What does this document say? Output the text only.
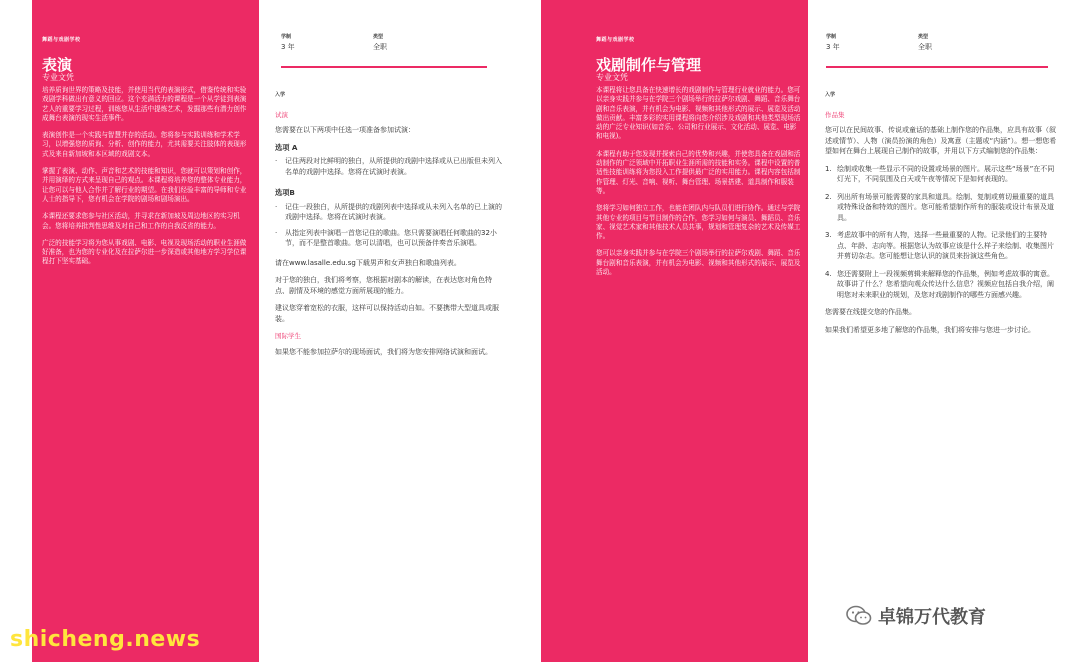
舞蹈与戏剧学校
表演
专业文凭

培养质询世界的策略及技能，并使用当代的表演形式，借鉴传统和实验戏剧学科做出有意义的回应。这个充满活力的课程是一个从学徒到表演艺人的重要学习过程，训练您从生活中提炼艺术，发掘那些有潜力创作成舞台表演的现实生活事件。

表演创作是一个实践与智慧并存的活动。您将参与实践训练和学术学习，以增强您的质询、分析、创作的能力，尤其需要关注肢体的表现形式及来自新加坡和本区域的戏剧文本。

掌握了表演、动作、声音和艺术的技能和知识，您就可以策划和创作，并用演绎的方式来呈现自己的观点。本课程将培养您的整体专业能力，让您可以与他人合作并了解行业的期望。在我们经验丰富的导师和专业人士的指导下，您有机会在学院的剧场和剧场演出。

本课程还要求您参与社区活动，并寻求在新加坡及周边地区的实习机会。您将培养批判性思维及对自己和工作的自我反省的能力。

广泛的技能学习将为您从事戏剧、电影、电视及现场活动的职业生涯做好准备，也为您的专业化及在拉萨尔进一步深造或其他地方学习学位课程打下坚实基础。

学制
3 年
类型
全职
入学
试演

您需要在以下两项中任选一项准备参加试演：

选项 A
·	记住两段对比鲜明的独白，从所提供的戏剧中选择或从已出版但未列入名单的戏剧中选择。您将在试演时表演。
选项B
·	记住一段独白，从所提供的戏剧列表中选择或从未列入名单的已上演的戏剧中选择。您将在试演时表演。
·	从指定列表中演唱一首您记住的歌曲。您只需要演唱任何歌曲的32小节，而不是整首歌曲。您可以清唱，也可以预备伴奏音乐演唱。

请在www.lasalle.edu.sg下载男声和女声独白和歌曲列表。

对于您的独白，我们将考察，您根据对剧本的解读，在表达您对角色特点、剧情及环境的感觉方面所展现的能力。

建议您穿着宽松的衣服，这样可以保持活动自如。不要携带大型道具或服装。

国际学生

如果您不能参加拉萨尔的现场面试，我们将为您安排网络试演和面试。

舞蹈与戏剧学校
戏剧制作与管理
专业文凭

本课程将让您具备在快速增长的戏剧制作与管理行业就业的能力。您可以亲身实践并参与在学院三个剧场举行的拉萨尔戏剧、舞蹈、音乐舞台剧和音乐表演，并有机会为电影、视频和其他形式的展示、展览及活动做出贡献。丰富多彩的实用课程将向您介绍涉及戏剧和其他类型现场活动的广泛专业知识(如音乐、公司和行业展示、文化活动、展览、电影和电视)。

本课程有助于您发现并探索自己的优势和兴趣，并使您具备在戏剧和活动制作的广泛领域中开拓职业生涯所需的技能和实务。课程中设置的普适性技能训练将为您投入工作提供最广泛的实用能力。课程内容包括制作管理、灯光、音响、视听、舞台管理、场景搭建、道具制作和服装等。

您将学习如何独立工作，也能在团队内与队员们进行协作。通过与学院其他专业的项目与节目制作的合作，您学习如何与演员、舞蹈员、音乐家、视觉艺术家和其他技术人员共事，规划和管理复杂的艺术及传媒工作。

您可以亲身实践并参与在学院三个剧场举行的拉萨尔戏剧、舞蹈、音乐舞台剧和音乐表演，并有机会为电影、视频和其他形式的展示、展览及活动。

学制
3 年
类型
全职
入学
作品集

您可以在民间故事、传说或童话的基础上制作您的作品集，应具有故事（叙述或情节）、人物（演员扮演的角色）及寓意（主题或“内涵”）。想一想您希望如何在舞台上展现自己制作的故事，并用以下方式编制您的作品集：

1. 绘制或收集一些显示不同的设置或场景的图片。展示这些“场景”在不同灯光下，不同氛围及白天或午夜等情况下是如何表现的。
2. 列出所有场景可能需要的家具和道具。绘制、复制或剪切最重要的道具或特殊设备和特效的图片。您可能希望制作所有的服装或设计布景及道具。
3. 考虑故事中的所有人物，选择一些最重要的人物。记录他们的主要特点、年龄、志向等。根据您认为故事应该是什么样子来绘制、收集图片并剪切杂志。您可能想让您认识的演员来扮演这些角色。
4. 您还需要附上一段视频剪辑来解释您的作品集，例如考虑故事的寓意。故事讲了什么？您希望向观众传达什么信息？视频应包括自我介绍，阐明您对未来职业的规划，及您对戏剧制作的哪些方面感兴趣。

您需要在线提交您的作品集。

如果我们希望更多地了解您的作品集，我们将安排与您进一步讨论。

shicheng.news
卓锦万代教育
